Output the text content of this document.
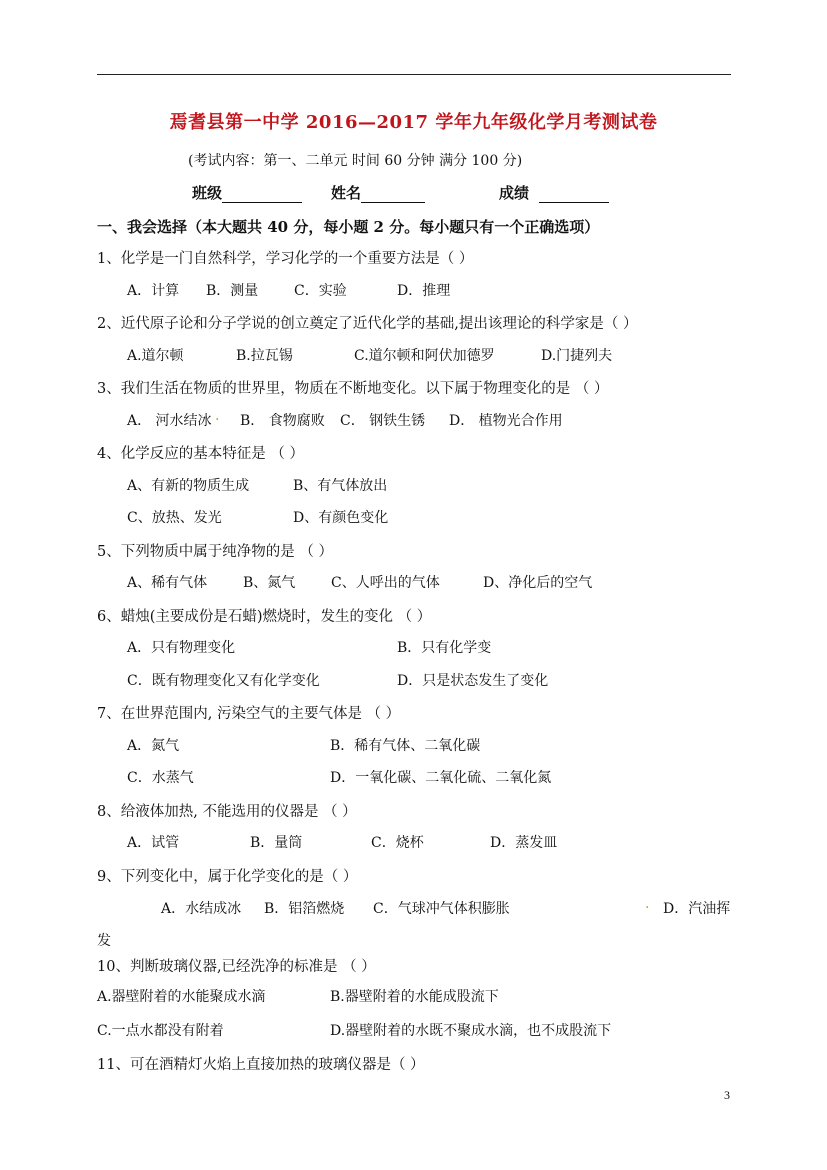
焉耆县第一中学 2016—2017 学年九年级化学月考测试卷
(考试内容：第一、二单元 时间 60 分钟 满分 100 分)
班级	姓名	成绩
一、我会选择（本大题共 40 分，每小题 2 分。每小题只有一个正确选项）
1、化学是一门自然科学，学习化学的一个重要方法是（ ）
A．计算 B．测量	C．实验	D．推理
2、近代原子论和分子学说的创立奠定了近代化学的基础,提出该理论的科学家是（ ）
A.道尔顿	B.拉瓦锡	C.道尔顿和阿伏加德罗	D.门捷列夫
3、我们生活在物质的世界里，物质在不断地变化。以下属于物理变化的是 （ ）
A． 河水结冰 . B． 食物腐败 C． 钢铁生锈 D． 植物光合作用
4、化学反应的基本特征是 （ ）
A、有新的物质生成	B、有气体放出
C、放热、发光	D、有颜色变化
5、下列物质中属于纯净物的是 （ ）
A、稀有气体	B、氮气	C、人呼出的气体	D、净化后的空气
6、蜡烛(主要成份是石蜡)燃烧时，发生的变化 （ ）
A．只有物理变化	B．只有化学变
C．既有物理变化又有化学变化	D．只是状态发生了变化
7、在世界范围内, 污染空气的主要气体是 （ ）
A．氮气	B．稀有气体、二氧化碳
C．水蒸气	D．一氧化碳、二氧化硫、二氧化氮
8、给液体加热, 不能选用的仪器是 （ ）
A．试管	B．量筒	C．烧杯	D．蒸发皿
9、下列变化中，属于化学变化的是（ ）
A．水结成冰 B．铝箔燃烧 C．气球冲气体积膨胀	. D．汽油挥
发
10、判断玻璃仪器,已经洗净的标准是 （ ）
A.器壁附着的水能聚成水滴	B.器壁附着的水能成股流下
C.一点水都没有附着	D.器壁附着的水既不聚成水滴，也不成股流下
11、可在酒精灯火焰上直接加热的玻璃仪器是（ ）
3
